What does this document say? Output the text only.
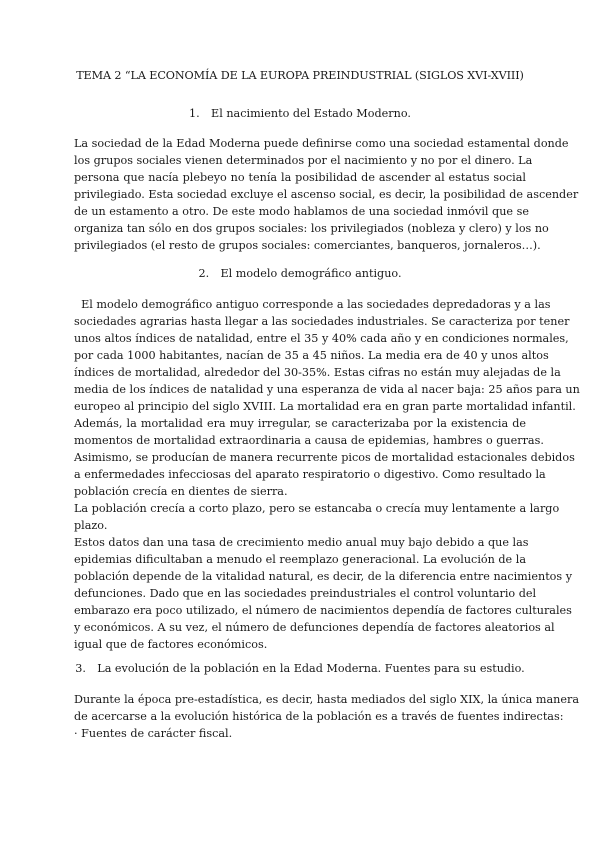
TEMA 2 “LA ECONOMÍA DE LA EUROPA PREINDUSTRIAL (SIGLOS XVI-XVIII)
1. El nacimiento del Estado Moderno.
La sociedad de la Edad Moderna puede definirse como una sociedad estamental donde
los grupos sociales vienen determinados por el nacimiento y no por el dinero. La
persona que nacía plebeyo no tenía la posibilidad de ascender al estatus social
privilegiado. Esta sociedad excluye el ascenso social, es decir, la posibilidad de ascender
de un estamento a otro. De este modo hablamos de una sociedad inmóvil que se
organiza tan sólo en dos grupos sociales: los privilegiados (nobleza y clero) y los no
privilegiados (el resto de grupos sociales: comerciantes, banqueros, jornaleros…).
2. El modelo demográfico antiguo.
El modelo demográfico antiguo corresponde a las sociedades depredadoras y a las
sociedades agrarias hasta llegar a las sociedades industriales. Se caracteriza por tener
unos altos índices de natalidad, entre el 35 y 40% cada año y en condiciones normales,
por cada 1000 habitantes, nacían de 35 a 45 niños. La media era de 40 y unos altos
índices de mortalidad, alrededor del 30-35%. Estas cifras no están muy alejadas de la
media de los índices de natalidad y una esperanza de vida al nacer baja: 25 años para un
europeo al principio del siglo XVIII. La mortalidad era en gran parte mortalidad infantil.
Además, la mortalidad era muy irregular, se caracterizaba por la existencia de
momentos de mortalidad extraordinaria a causa de epidemias, hambres o guerras.
Asimismo, se producían de manera recurrente picos de mortalidad estacionales debidos
a enfermedades infecciosas del aparato respiratorio o digestivo. Como resultado la
población crecía en dientes de sierra.
La población crecía a corto plazo, pero se estancaba o crecía muy lentamente a largo
plazo.
Estos datos dan una tasa de crecimiento medio anual muy bajo debido a que las
epidemias dificultaban a menudo el reemplazo generacional. La evolución de la
población depende de la vitalidad natural, es decir, de la diferencia entre nacimientos y
defunciones. Dado que en las sociedades preindustriales el control voluntario del
embarazo era poco utilizado, el número de nacimientos dependía de factores culturales
y económicos. A su vez, el número de defunciones dependía de factores aleatorios al
igual que de factores económicos.
3. La evolución de la población en la Edad Moderna. Fuentes para su estudio.
Durante la época pre-estadística, es decir, hasta mediados del siglo XIX, la única manera
de acercarse a la evolución histórica de la población es a través de fuentes indirectas:
· Fuentes de carácter fiscal.
